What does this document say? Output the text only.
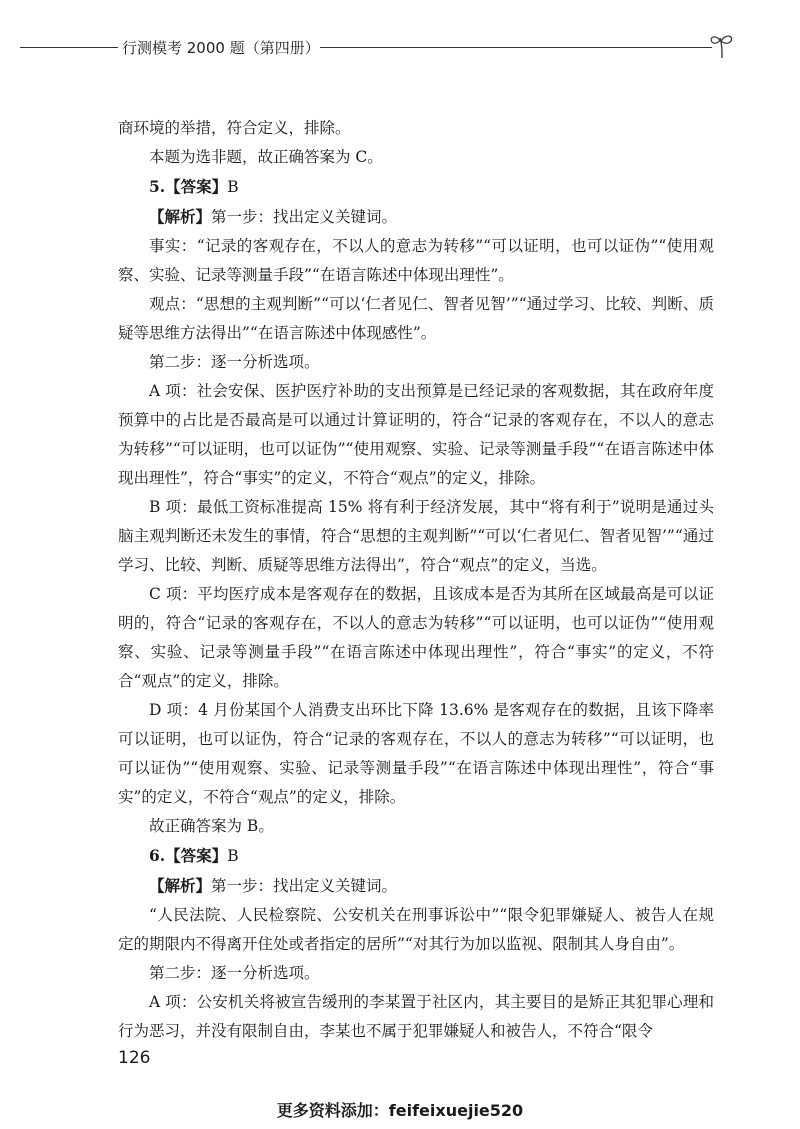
行测模考 2000 题（第四册）

商环境的举措，符合定义，排除。

本题为选非题，故正确答案为 C。

5.【答案】B

【解析】第一步：找出定义关键词。

事实：“记录的客观存在，不以人的意志为转移”“可以证明，也可以证伪”“使用观察、实验、记录等测量手段”“在语言陈述中体现出理性”。

观点：“思想的主观判断”“可以‘仁者见仁、智者见智’”“通过学习、比较、判断、质疑等思维方法得出”“在语言陈述中体现感性”。

第二步：逐一分析选项。

A 项：社会安保、医护医疗补助的支出预算是已经记录的客观数据，其在政府年度预算中的占比是否最高是可以通过计算证明的，符合“记录的客观存在，不以人的意志为转移”“可以证明，也可以证伪”“使用观察、实验、记录等测量手段”“在语言陈述中体现出理性”，符合“事实”的定义，不符合“观点”的定义，排除。

B 项：最低工资标准提高 15% 将有利于经济发展，其中“将有利于”说明是通过头脑主观判断还未发生的事情，符合“思想的主观判断”“可以‘仁者见仁、智者见智’”“通过学习、比较、判断、质疑等思维方法得出”，符合“观点”的定义，当选。

C 项：平均医疗成本是客观存在的数据，且该成本是否为其所在区域最高是可以证明的，符合“记录的客观存在，不以人的意志为转移”“可以证明，也可以证伪”“使用观察、实验、记录等测量手段”“在语言陈述中体现出理性”，符合“事实”的定义，不符合“观点”的定义，排除。

D 项：4 月份某国个人消费支出环比下降 13.6% 是客观存在的数据，且该下降率可以证明，也可以证伪，符合“记录的客观存在，不以人的意志为转移”“可以证明，也可以证伪”“使用观察、实验、记录等测量手段”“在语言陈述中体现出理性”，符合“事实”的定义，不符合“观点”的定义，排除。

故正确答案为 B。

6.【答案】B

【解析】第一步：找出定义关键词。

“人民法院、人民检察院、公安机关在刑事诉讼中”“限令犯罪嫌疑人、被告人在规定的期限内不得离开住处或者指定的居所”“对其行为加以监视、限制其人身自由”。

第二步：逐一分析选项。

A 项：公安机关将被宣告缓刑的李某置于社区内，其主要目的是矫正其犯罪心理和行为恶习，并没有限制自由，李某也不属于犯罪嫌疑人和被告人，不符合“限令

126
更多资料添加：feifeixuejie520
